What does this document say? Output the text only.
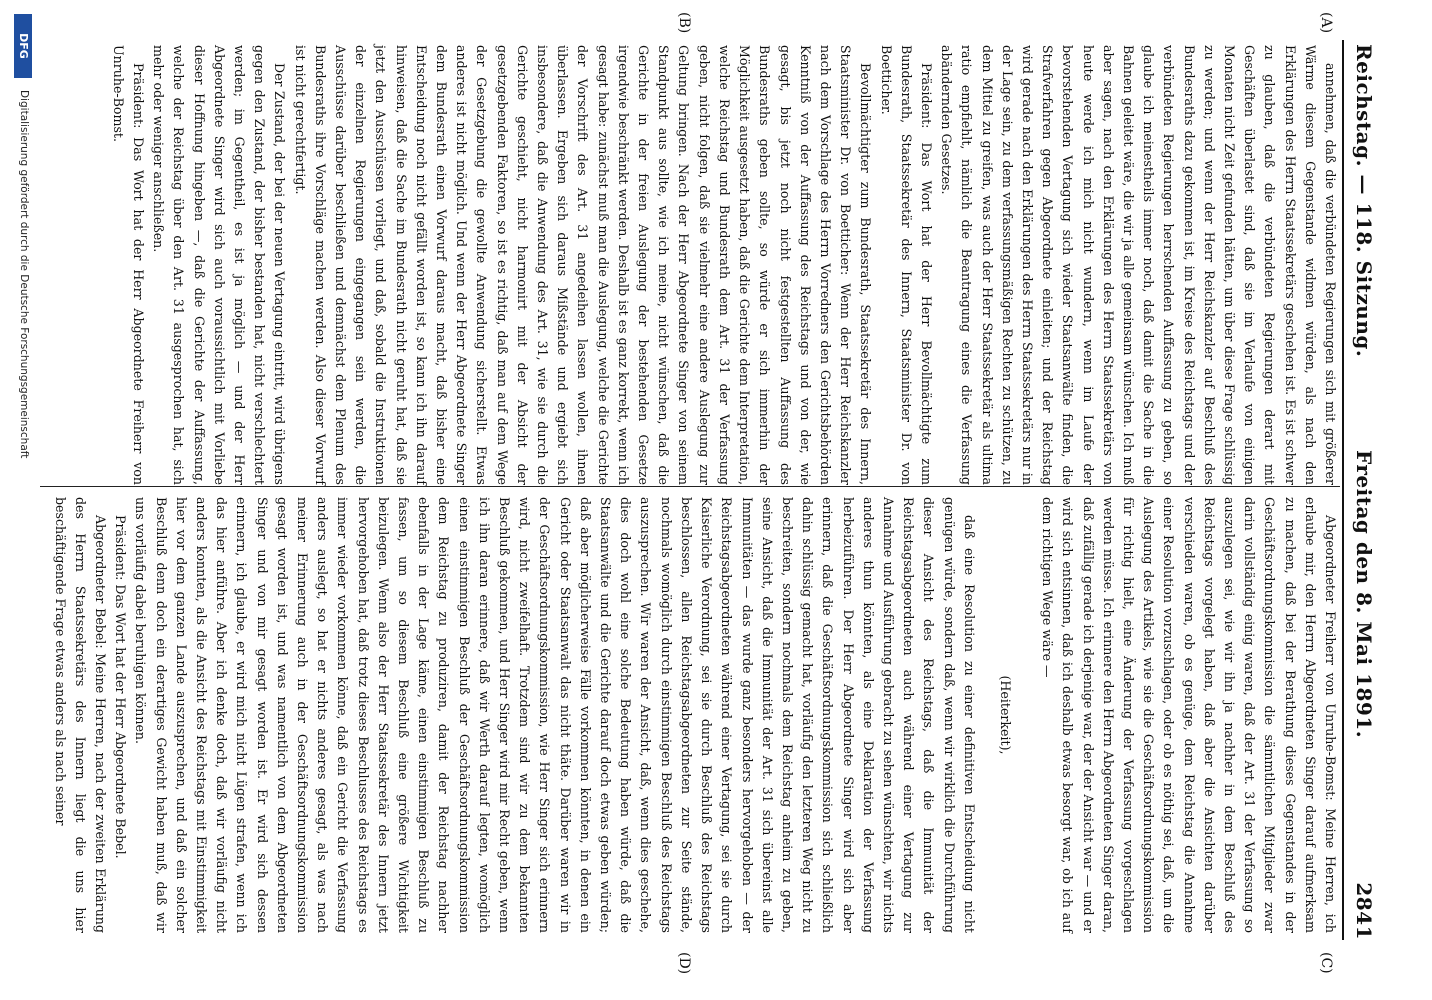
Reichstag. — 118. Sitzung.
Freitag den 8. Mai 1891.
2841
(A)
(B)
(C)
(D)

annehmen, daß die verbündeten Regierungen sich mit größerer Wärme diesem Gegenstande widmen würden, als nach den Erklärungen des Herrn Staatssekretärs geschehen ist. Es ist schwer zu glauben, daß die verbündeten Regierungen derart mit Geschäften überlastet sind, daß sie im Verlaufe von einigen Monaten nicht Zeit gefunden hätten, um über diese Frage schlüssig zu werden; und wenn der Herr Reichskanzler auf Beschluß des Bundesraths dazu gekommen ist, im Kreise des Reichstags und der verbündeten Regierungen herrschenden Auffassung zu geben, so glaube ich meinestheils immer noch, daß damit die Sache in die Bahnen geleitet wäre, die wir ja alle gemeinsam wünschen. Ich muß aber sagen, nach den Erklärungen des Herrn Staatssekretärs von heute werde ich mich nicht wundern, wenn im Laufe der bevorstehenden Vertagung sich wieder Staatsanwälte finden, die Strafverfahren gegen Abgeordnete einleiten; und der Reichstag wird gerade nach den Erklärungen des Herrn Staatssekretärs nur in der Lage sein, zu dem verfassungsmäßigen Rechten zu schützen, zu dem Mittel zu greifen, was auch der Herr Staatssekretär als ultima ratio empfiehlt, nämlich die Beantragung eines die Verfassung abändernden Gesetzes.

Präsident: Das Wort hat der Herr Bevollmächtigte zum Bundesrath, Staatssekretär des Innern, Staatsminister Dr. von Boetticher.

Bevollmächtigter zum Bundesrath, Staatssekretär des Innern, Staatsminister Dr. von Boetticher: Wenn der Herr Reichskanzler nach dem Vorschlage des Herrn Vorredners den Gerichtsbehörden Kenntniß von der Auffassung des Reichstags und von der, wie gesagt, bis jetzt noch nicht festgestellten Auffassung des Bundesraths geben sollte, so würde er sich immerhin der Möglichkeit ausgesetzt haben, daß die Gerichte dem Interpretation, welche Reichstag und Bundesrath dem Art. 31 der Verfassung geben, nicht folgen, daß sie vielmehr eine andere Auslegung zur Geltung bringen. Nach der Herr Abgeordnete Singer von seinem Standpunkt aus sollte, wie ich meine, nicht wünschen, daß die Gerichte in der freien Auslegung der bestehenden Gesetze irgendwie beschränkt werden. Deshalb ist es ganz korrekt, wenn ich gesagt habe: zunächst muß man die Auslegung, welche die Gerichte der Vorschrift des Art. 31 angedeihen lassen wollen, ihnen überlassen. Ergeben sich daraus Mißstände und ergiebt sich insbesondere, daß die Anwendung des Art. 31, wie sie durch die Gerichte geschieht, nicht harmonirt mit der Absicht der gesetzgebenden Faktoren, so ist es richtig, daß man auf dem Wege der Gesetzgebung die gewollte Anwendung sicherstellt. Etwas anderes ist nicht möglich. Und wenn der Herr Abgeordnete Singer dem Bundesrath einen Vorwurf daraus macht, daß bisher eine Entscheidung noch nicht gefällt worden ist, so kann ich ihn darauf hinweisen, daß die Sache im Bundesrath nicht geruht hat, daß sie jetzt den Ausschüssen vorliegt, und daß, sobald die Instruktionen der einzelnen Regierungen eingegangen sein werden, die Ausschüsse darüber beschließen und demnächst dem Plenum des Bundesraths ihre Vorschläge machen werden. Also dieser Vorwurf ist nicht gerechtfertigt.

Der Zustand, der bei der neuen Vertagung eintritt, wird übrigens gegen den Zustand, der bisher bestanden hat, nicht verschlechtert werden; im Gegentheil, es ist ja möglich — und der Herr Abgeordnete Singer wird sich auch voraussichtlich mit Vorliebe dieser Hoffnung hingeben —, daß die Gerichte der Auffassung, welche der Reichstag über den Art. 31 ausgesprochen hat, sich mehr oder weniger anschließen.

Präsident: Das Wort hat der Herr Abgeordnete Freiherr von Unruhe-Bomst.

Abgeordneter Freiherr von Unruhe-Bomst: Meine Herren, ich erlaube mir, den Herrn Abgeordneten Singer darauf aufmerksam zu machen, daß bei der Berathung dieses Gegenstandes in der Geschäftsordnungskommission die sämmtlichen Mitglieder zwar darin vollständig einig waren, daß der Art. 31 der Verfassung so auszulegen sei, wie wir ihn ja nachher in dem Beschluß des Reichstags vorgelegt haben, daß aber die Ansichten darüber verschieden waren, ob es genüge, dem Reichstag die Annahme einer Resolution vorzuschlagen, oder ob es nöthig sei, daß, um die Auslegung des Artikels, wie sie die Geschäftsordnungskommission für richtig hielt, eine Änderung der Verfassung vorgeschlagen werden müsse. Ich erinnere den Herrn Abgeordneten Singer daran, daß zufällig gerade ich derjenige war, der der Ansicht war — und er wird sich entsinnen, daß ich deshalb etwas besorgt war, ob ich auf dem richtigen Wege wäre —

(Heiterkeit),

daß eine Resolution zu einer definitiven Entscheidung nicht genügen würde, sondern daß, wenn wir wirklich die Durchführung dieser Ansicht des Reichstags, daß die Immunität der Reichstagsabgeordneten auch während einer Vertagung zur Annahme und Ausführung gebracht zu sehen wünschten, wir nichts anderes thun könnten, als eine Deklaration der Verfassung herbeizuführen. Der Herr Abgeordnete Singer wird sich aber erinnern, daß die Geschäftsordnungskommission sich schließlich dahin schlüssig gemacht hat, vorläufig den letzteren Weg nicht zu beschreiten, sondern nochmals dem Reichstag anheim zu geben, seine Ansicht, daß die Immunität der Art. 31 sich übereinst alle Immunitäten — das wurde ganz besonders hervorgehoben — der Reichstagsabgeordneten während einer Vertagung, sei sie durch Kaiserliche Verordnung, sei sie durch Beschluß des Reichstags beschlossen, allen Reichstagsabgeordneten zur Seite stände, nochmals womöglich durch einstimmigen Beschluß des Reichstags auszusprechen. Wir waren der Ansicht, daß, wenn dies geschehe, dies doch wohl eine solche Bedeutung haben würde, daß die Staatsanwälte und die Gerichte darauf doch etwas geben würden; daß aber möglicherweise Fälle vorkommen könnten, in denen ein Gericht oder Staatsanwalt das nicht thäte. Darüber waren wir in der Geschäftsordnungskommission, wie Herr Singer sich erinnern wird, nicht zweifelhaft. Trotzdem sind wir zu dem bekannten Beschluß gekommen, und Herr Singer wird mir Recht geben, wenn ich ihn daran erinnere, daß wir Werth darauf legten, womöglich einen einstimmigen Beschluß der Geschäftsordnungskommission dem Reichstag zu produziren, damit der Reichstag nachher ebenfalls in der Lage käme, einen einstimmigen Beschluß zu fassen, um so diesem Beschluß eine größere Wichtigkeit beizulegen. Wenn also der Herr Staatssekretär des Innern jetzt hervorgehoben hat, daß trotz dieses Beschlusses des Reichstags es immer wieder vorkommen könne, daß ein Gericht die Verfassung anders auslegt, so hat er nichts anderes gesagt, als was nach meiner Erinnerung auch in der Geschäftsordnungskommission gesagt worden ist, und was namentlich von dem Abgeordneten Singer und von mir gesagt worden ist. Er wird sich dessen erinnern, ich glaube, er wird mich nicht Lügen strafen, wenn ich das hier anführe. Aber ich denke doch, daß wir vorläufig nicht anders konnten, als die Ansicht des Reichstags mit Einstimmigkeit hier vor dem ganzen Lande auszusprechen, und daß ein solcher Beschluß denn doch ein derartiges Gewicht haben muß, daß wir uns vorläufig dabei beruhigen können.

Präsident: Das Wort hat der Herr Abgeordnete Bebel.

Abgeordneter Bebel: Meine Herren, nach der zweiten Erklärung des Herrn Staatssekretärs des Innern liegt die uns hier beschäftigende Frage etwas anders als nach seiner

DFG
Digitalisierung gefördert durch die Deutsche Forschungsgemeinschaft
